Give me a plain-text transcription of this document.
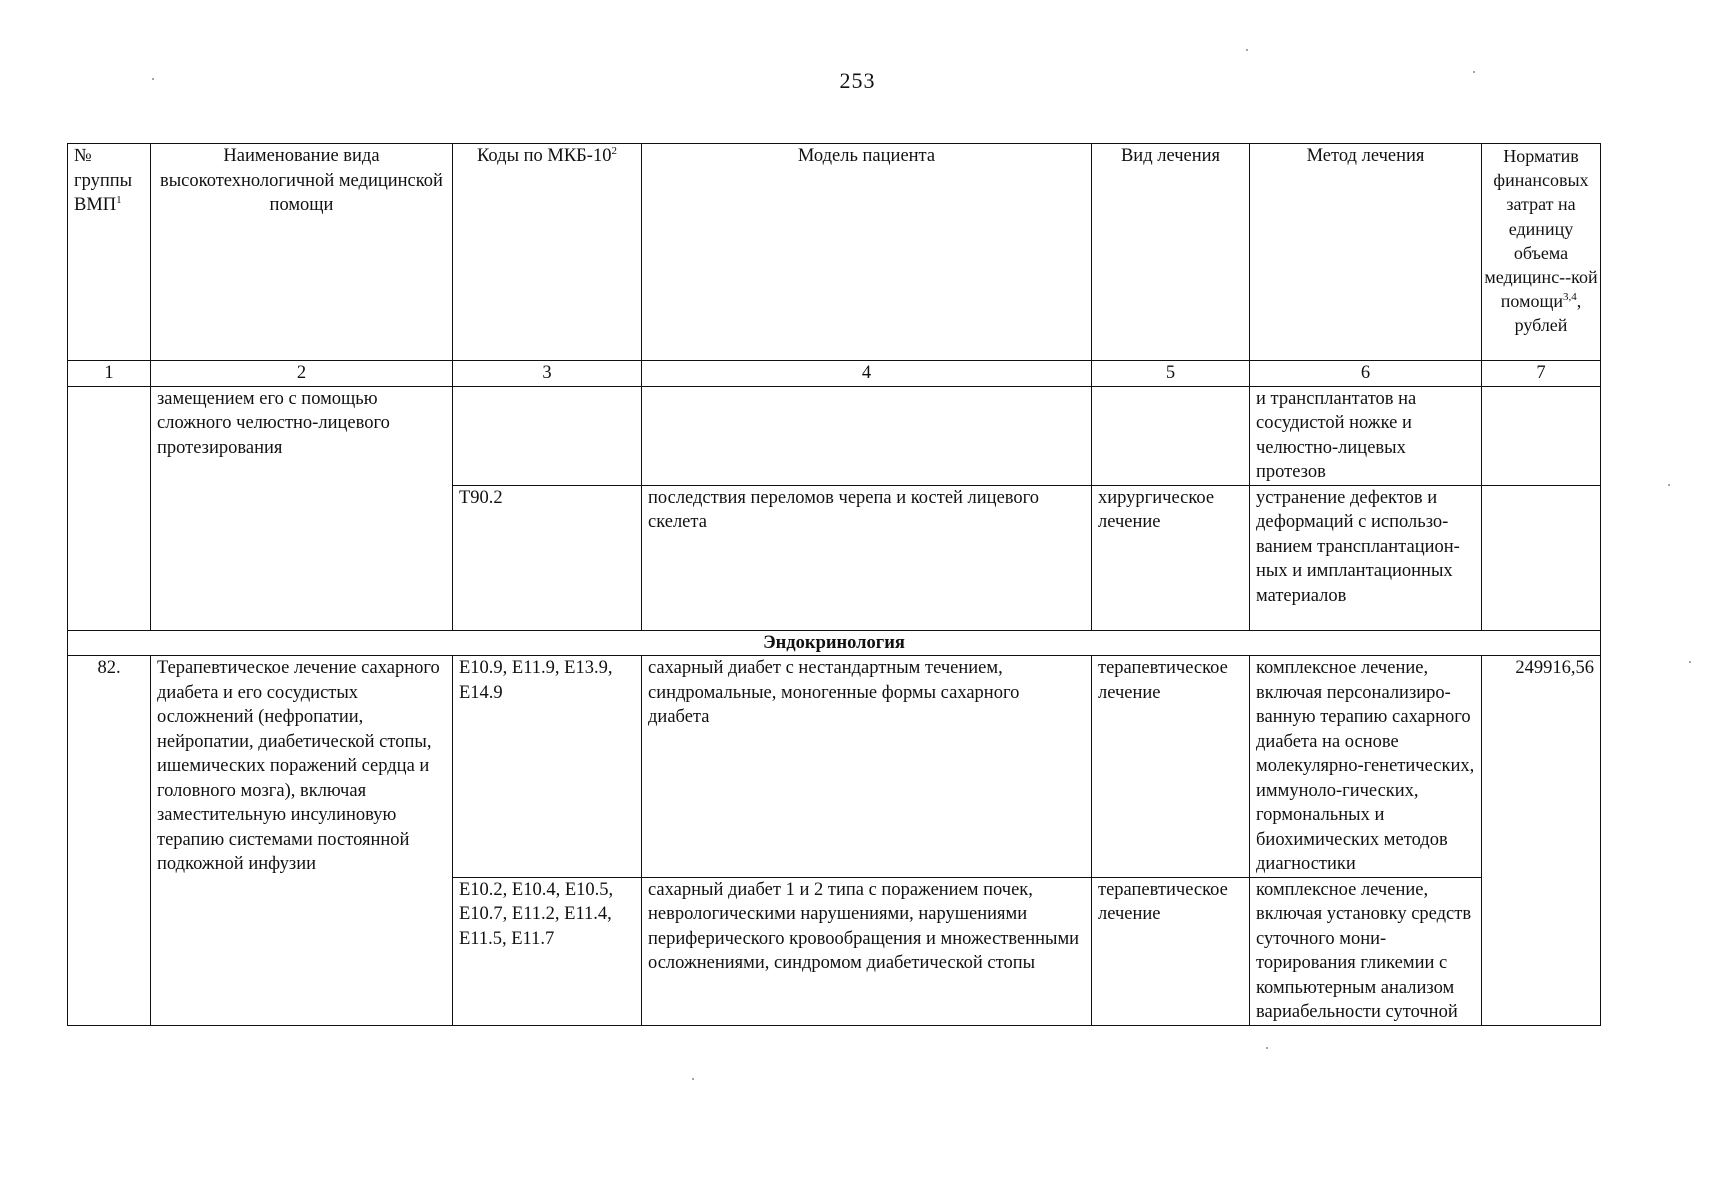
253
№ группы ВМП$^1$	Наименование вида высокотехнологичной медицинской помощи	Коды по МКБ-$10^2$	Модель пациента	Вид лечения	Метод лечения	Норматив финансовых затрат на единицу объема медицинс--кой помощи$^{3,4}$, рублей
1	2	3	4	5	6	7
	замещением его с помощью сложного челюстно-лицевого протезирования				и трансплантатов на сосудистой ножке и челюстно-лицевых протезов	
		T90.2	последствия переломов черепа и костей лицевого скелета	хирургическое лечение	устранение дефектов и деформаций с использо-ванием трансплантацион-ных и имплантационных материалов	
Эндокринология						
82.	Терапевтическое лечение сахарного диабета и его сосудистых осложнений (нефропатии, нейропатии, диабетической стопы, ишемических поражений сердца и головного мозга), включая заместительную инсулиновую терапию системами постоянной подкожной инфузии	E10.9, E11.9, E13.9, E14.9	сахарный диабет с нестандартным течением, синдромальные, моногенные формы сахарного диабета	терапевтическое лечение	комплексное лечение, включая персонализиро-ванную терапию сахарного диабета на основе молекулярно-генетических, иммуноло-гических, гормональных и биохимических методов диагностики	249916,56
		E10.2, E10.4, E10.5, E10.7, E11.2, E11.4, E11.5, E11.7	сахарный диабет 1 и 2 типа с поражением почек, неврологическими нарушениями, нарушениями периферического кровообращения и множественными осложнениями, синдромом диабетической стопы	терапевтическое лечение	комплексное лечение, включая установку средств суточного мони-торирования гликемии с компьютерным анализом вариабельности суточной	
